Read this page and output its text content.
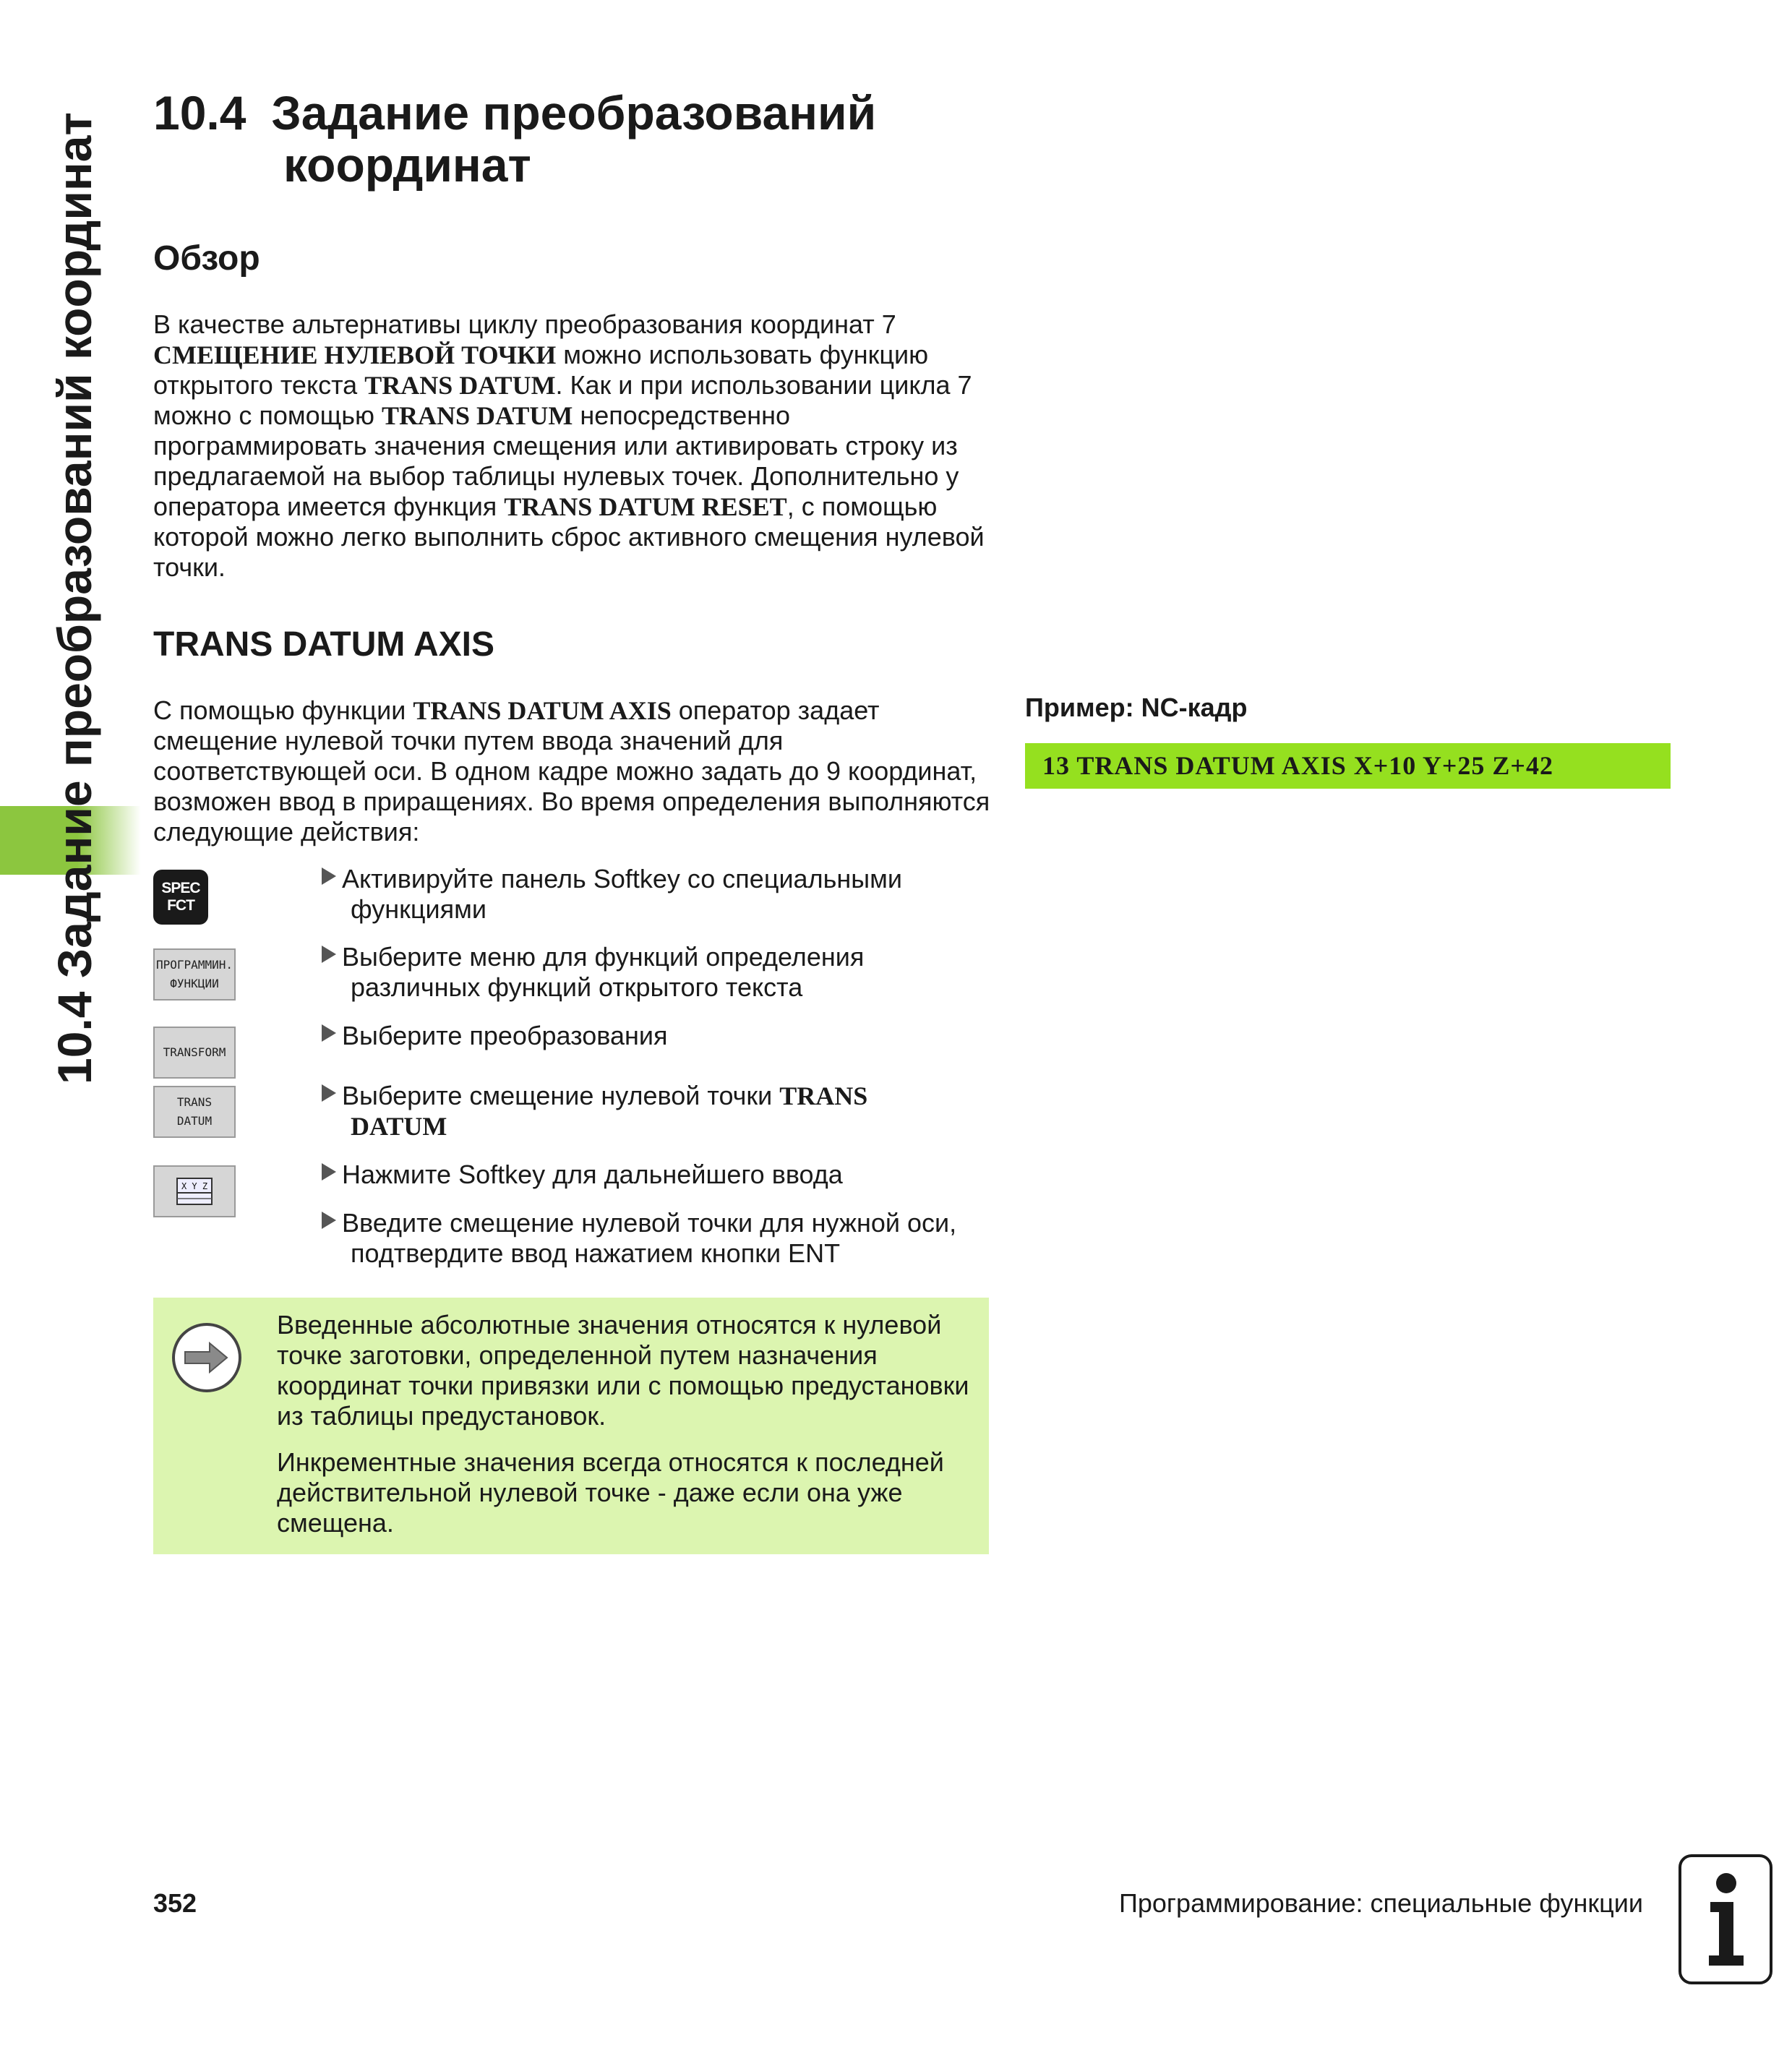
10.4 Задание преобразований координат 10.4 Задание преобразований
координат
Обзор
В качестве альтернативы циклу преобразования координат 7 СМЕЩЕНИЕ НУЛЕВОЙ ТОЧКИ можно использовать функцию открытого текста TRANS DATUM. Как и при использовании цикла 7 можно с помощью TRANS DATUM непосредственно программировать значения смещения или активировать строку из предлагаемой на выбор таблицы нулевых точек. Дополнительно у оператора имеется функция TRANS DATUM RESET, с помощью которой можно легко выполнить сброс активного смещения нулевой точки.
TRANS DATUM AXIS
С помощью функции TRANS DATUM AXIS оператор задает смещение нулевой точки путем ввода значений для соответствующей оси. В одном кадре можно задать до 9 координат, возможен ввод в приращениях. Во время определения выполняются следующие действия:
SPEC
FCT
ПРОГРАММИН.
ФУНКЦИИ
TRANSFORM
TRANS
DATUM
X Y Z
Активируйте панель Softkey со специальными
функциями
Выберите меню для функций определения
различных функций открытого текста
Выберите преобразования
Выберите смещение нулевой точки TRANS
DATUM
Нажмите Softkey для дальнейшего ввода
Введите смещение нулевой точки для нужной оси,
подтвердите ввод нажатием кнопки ENT
Введенные абсолютные значения относятся к нулевой точке заготовки, определенной путем назначения координат точки привязки или с помощью предустановки из таблицы предустановок.
Инкрементные значения всегда относятся к последней действительной нулевой точке - даже если она уже смещена.
Пример: NC-кадр
13 TRANS DATUM AXIS X+10 Y+25 Z+42
352	Программирование: специальные функции
